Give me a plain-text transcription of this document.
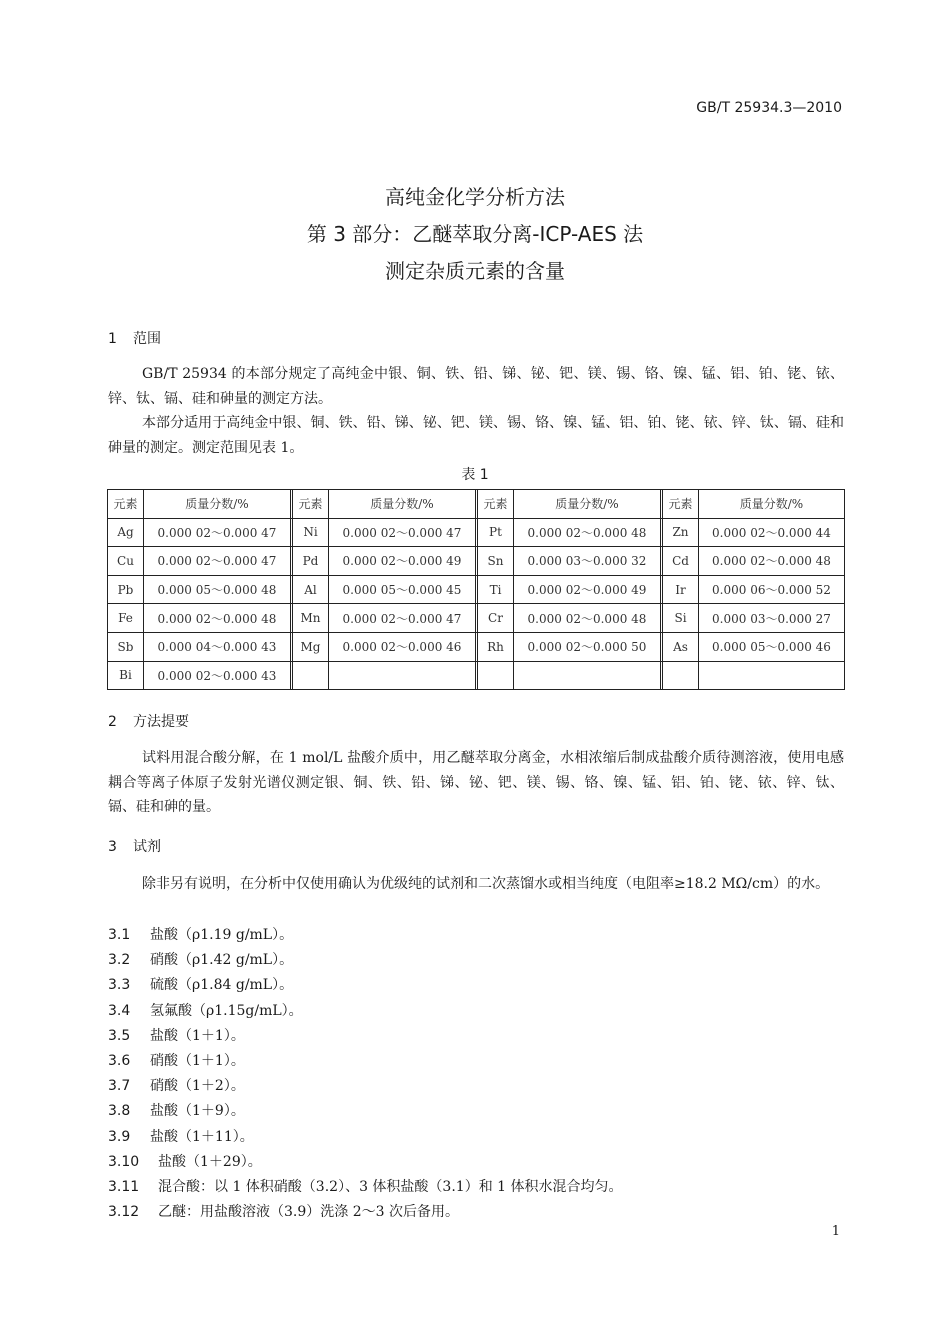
GB/T 25934.3—2010
高纯金化学分析方法
第 3 部分：乙醚萃取分离-ICP-AES 法
测定杂质元素的含量
1 范围
GB/T 25934 的本部分规定了高纯金中银、铜、铁、铅、锑、铋、钯、镁、锡、铬、镍、锰、铝、铂、铑、铱、锌、钛、镉、硅和砷量的测定方法。
本部分适用于高纯金中银、铜、铁、铅、锑、铋、钯、镁、锡、铬、镍、锰、铝、铂、铑、铱、锌、钛、镉、硅和砷量的测定。测定范围见表 1。
表 1
元素	质量分数/%		元素	质量分数/%		元素	质量分数/%		元素	质量分数/%
Ag	0.000 02～0.000 47		Ni	0.000 02～0.000 47		Pt	0.000 02～0.000 48		Zn	0.000 02～0.000 44
Cu	0.000 02～0.000 47		Pd	0.000 02～0.000 49		Sn	0.000 03～0.000 32		Cd	0.000 02～0.000 48
Pb	0.000 05～0.000 48		Al	0.000 05～0.000 45		Ti	0.000 02～0.000 49		Ir	0.000 06～0.000 52
Fe	0.000 02～0.000 48		Mn	0.000 02～0.000 47		Cr	0.000 02～0.000 48		Si	0.000 03～0.000 27
Sb	0.000 04～0.000 43		Mg	0.000 02～0.000 46		Rh	0.000 02～0.000 50		As	0.000 05～0.000 46
Bi	0.000 02～0.000 43									
2 方法提要
试料用混合酸分解，在 1 mol/L 盐酸介质中，用乙醚萃取分离金，水相浓缩后制成盐酸介质待测溶液，使用电感耦合等离子体原子发射光谱仪测定银、铜、铁、铅、锑、铋、钯、镁、锡、铬、镍、锰、铝、铂、铑、铱、锌、钛、镉、硅和砷的量。
3 试剂
除非另有说明，在分析中仅使用确认为优级纯的试剂和二次蒸馏水或相当纯度（电阻率≥18.2 MΩ/cm）的水。
3.1 盐酸（ρ1.19 g/mL）。
3.2 硝酸（ρ1.42 g/mL）。
3.3 硫酸（ρ1.84 g/mL）。
3.4 氢氟酸（ρ1.15g/mL）。
3.5 盐酸（1＋1）。
3.6 硝酸（1＋1）。
3.7 硝酸（1＋2）。
3.8 盐酸（1＋9）。
3.9 盐酸（1＋11）。
3.10 盐酸（1＋29）。
3.11 混合酸：以 1 体积硝酸（3.2）、3 体积盐酸（3.1）和 1 体积水混合均匀。
3.12 乙醚：用盐酸溶液（3.9）洗涤 2～3 次后备用。
1
